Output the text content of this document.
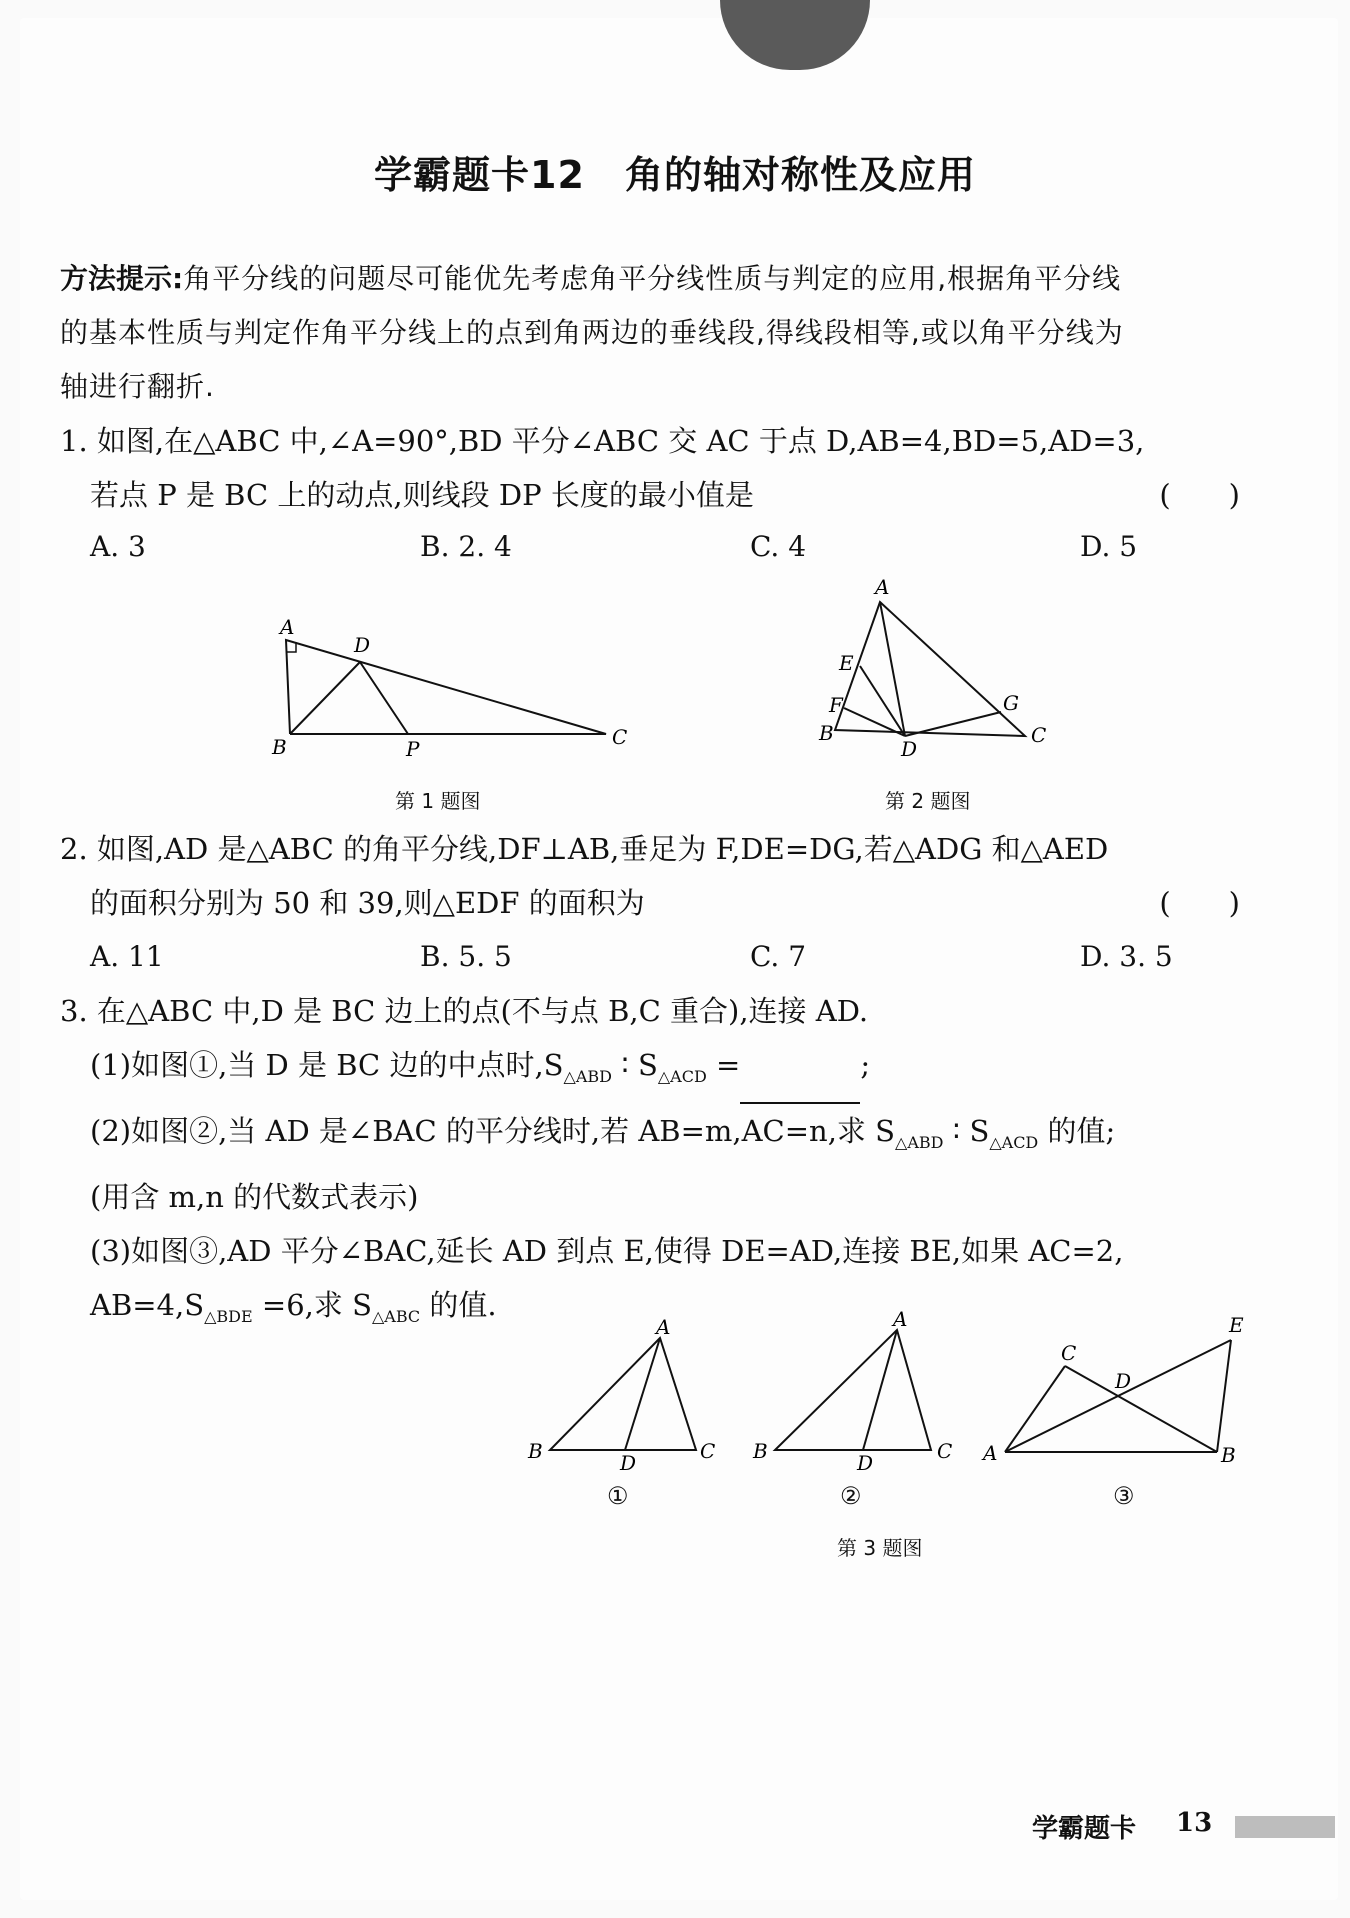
学霸题卡12 角的轴对称性及应用
方法提示:角平分线的问题尽可能优先考虑角平分线性质与判定的应用,根据角平分线
的基本性质与判定作角平分线上的点到角两边的垂线段,得线段相等,或以角平分线为
轴进行翻折.
1. 如图,在△ABC 中,∠A=90°,BD 平分∠ABC 交 AC 于点 D,AB=4,BD=5,AD=3,
若点 P 是 BC 上的动点,则线段 DP 长度的最小值是	(　　)
A. 3	B. 2. 4	C. 4	D. 5
A
D
B	P	C
第 1 题图
A
E
F
B
D
G
C
第 2 题图
2. 如图,AD 是△ABC 的角平分线,DF⊥AB,垂足为 F,DE=DG,若△ADG 和△AED
的面积分别为 50 和 39,则△EDF 的面积为	(　　)
A. 11	B. 5. 5	C. 7	D. 3. 5
3. 在△ABC 中,D 是 BC 边上的点(不与点 B,C 重合),连接 AD.
(1)如图①,当 D 是 BC 边的中点时$,S_{\triangle ABD}$ ∶ $S_{\triangle ACD}$ =	;
(2)如图②,当 AD 是∠BAC 的平分线时,若 AB=m,AC=n,求 $S_{\triangle ABD}$ ∶ $S_{\triangle ACD}$ 的值;
(用含 m,n 的代数式表示)
(3)如图③,AD 平分∠BAC,延长 AD 到点 E,使得 DE=AD,连接 BE,如果 AC=2,
$AB=4,S_{\triangle BDE} =6$,求 $S_{\triangle ABC}$ 的值.
A
B	D	C
①
A
B	D	C
②
C
D
E
A	B
③
第 3 题图
学霸题卡 13
